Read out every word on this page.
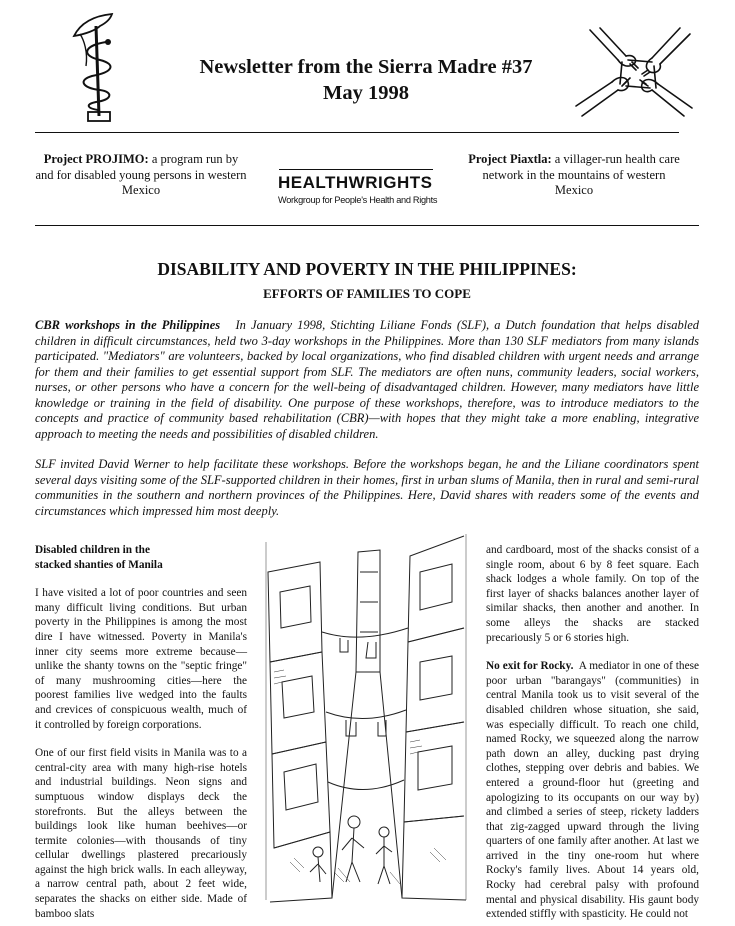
Newsletter from the Sierra Madre #37
May 1998
Project PROJIMO: a program run by and for disabled young persons in western Mexico	HEALTHWRIGHTS
Workgroup for People's Health and Rights
Project Piaxtla: a villager-run health care network in the mountains of western Mexico
DISABILITY AND POVERTY IN THE PHILIPPINES:
EFFORTS OF FAMILIES TO COPE
CBR workshops in the Philippines In January 1998, Stichting Liliane Fonds (SLF), a Dutch foundation that helps disabled children in difficult circumstances, held two 3-day workshops in the Philippines. More than 130 SLF mediators from many islands participated. "Mediators" are volunteers, backed by local organizations, who find disabled children with urgent needs and arrange for them and their families to get essential support from SLF. The mediators are often nuns, community leaders, social workers, nurses, or other persons who have a concern for the well-being of disadvantaged children. However, many mediators have little knowledge or training in the field of disability. One purpose of these workshops, therefore, was to introduce mediators to the concepts and practice of community based rehabilitation (CBR)—with hopes that they might take a more enabling, integrative approach to meeting the needs and possibilities of disabled children.
SLF invited David Werner to help facilitate these workshops. Before the workshops began, he and the Liliane coordinators spent several days visiting some of the SLF-supported children in their homes, first in urban slums of Manila, then in rural and semi-rural communities in the southern and northern provinces of the Philippines. Here, David shares with readers some of the events and circumstances which impressed him most deeply.

Disabled children in the
stacked shanties of Manila

I have visited a lot of poor countries and seen many difficult living conditions. But urban poverty in the Philippines is among the most dire I have witnessed. Poverty in Manila's inner city seems more extreme because—unlike the shanty towns on the "septic fringe" of many mushrooming cities—here the poorest families live wedged into the faults and crevices of conspicuous wealth, much of it controlled by foreign corporations.

One of our first field visits in Manila was to a central-city area with many high-rise hotels and industrial buildings. Neon signs and sumptuous window displays deck the storefronts. But the alleys between the buildings look like human beehives—or termite colonies—with thousands of tiny cellular dwellings plastered precariously against the high brick walls. In each alleyway, a narrow central path, about 2 feet wide, separates the shacks on either side. Made of bamboo slats

and cardboard, most of the shacks consist of a single room, about 6 by 8 feet square. Each shack lodges a whole family. On top of the first layer of shacks balances another layer of similar shacks, then another and another. In some alleys the shacks are stacked precariously 5 or 6 stories high.

No exit for Rocky. A mediator in one of these poor urban "barangays" (communities) in central Manila took us to visit several of the disabled children whose situation, she said, was especially difficult. To reach one child, named Rocky, we squeezed along the narrow path down an alley, ducking past drying clothes, stepping over debris and babies. We entered a ground-floor hut (greeting and apologizing to its occupants on our way by) and climbed a series of steep, rickety ladders that zig-zagged upward through the living quarters of one family after another. At last we arrived in the tiny one-room hut where Rocky's family lives. About 14 years old, Rocky had cerebral palsy with profound mental and physical disability. His gaunt body extended stiffly with spasticity. He could not
